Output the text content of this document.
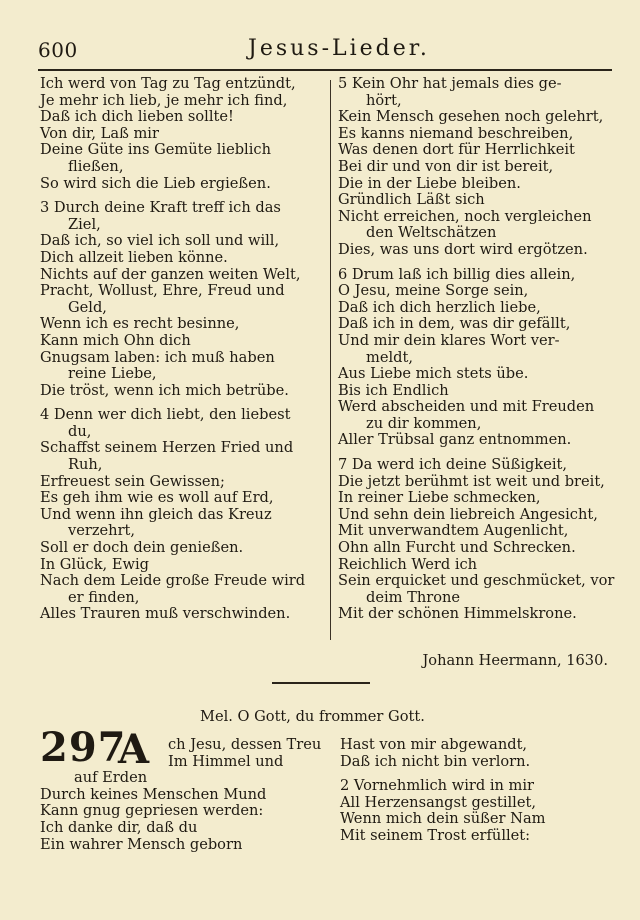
600	Jesus-Lieder.
Ich werd von Tag zu Tag entzündt,
Je mehr ich lieb, je mehr ich find,
Daß ich dich lieben sollte!
Von dir, Laß mir
Deine Güte ins Gemüte lieblich
fließen,
So wird sich die Lieb ergießen.
3 Durch deine Kraft treff ich das
Ziel,
Daß ich, so viel ich soll und will,
Dich allzeit lieben könne.
Nichts auf der ganzen weiten Welt,
Pracht, Wollust, Ehre, Freud und
Geld,
Wenn ich es recht besinne,
Kann mich Ohn dich
Gnugsam laben: ich muß haben
reine Liebe,
Die tröst, wenn ich mich betrübe.
4 Denn wer dich liebt, den liebest
du,
Schaffst seinem Herzen Fried und
Ruh,
Erfreuest sein Gewissen;
Es geh ihm wie es woll auf Erd,
Und wenn ihn gleich das Kreuz
verzehrt,
Soll er doch dein genießen.
In Glück, Ewig
Nach dem Leide große Freude wird
er finden,
Alles Trauren muß verschwinden.
5 Kein Ohr hat jemals dies ge-
hört,
Kein Mensch gesehen noch gelehrt,
Es kanns niemand beschreiben,
Was denen dort für Herrlichkeit
Bei dir und von dir ist bereit,
Die in der Liebe bleiben.
Gründlich Läßt sich
Nicht erreichen, noch vergleichen
den Weltschätzen
Dies, was uns dort wird ergötzen.
6 Drum laß ich billig dies allein,
O Jesu, meine Sorge sein,
Daß ich dich herzlich liebe,
Daß ich in dem, was dir gefällt,
Und mir dein klares Wort ver-
meldt,
Aus Liebe mich stets übe.
Bis ich Endlich
Werd abscheiden und mit Freuden
zu dir kommen,
Aller Trübsal ganz entnommen.
7 Da werd ich deine Süßigkeit,
Die jetzt berühmt ist weit und breit,
In reiner Liebe schmecken,
Und sehn dein liebreich Angesicht,
Mit unverwandtem Augenlicht,
Ohn alln Furcht und Schrecken.
Reichlich Werd ich
Sein erquicket und geschmücket, vor
deim Throne
Mit der schönen Himmelskrone.
Johann Heermann, 1630.
Mel. O Gott, du frommer Gott.
297
A	ch Jesu, dessen Treu
Im Himmel und
auf Erden
Durch keines Menschen Mund
Kann gnug gepriesen werden:
Ich danke dir, daß du
Ein wahrer Mensch geborn
Hast von mir abgewandt,
Daß ich nicht bin verlorn.
2 Vornehmlich wird in mir
All Herzensangst gestillet,
Wenn mich dein süßer Nam
Mit seinem Trost erfüllet:
